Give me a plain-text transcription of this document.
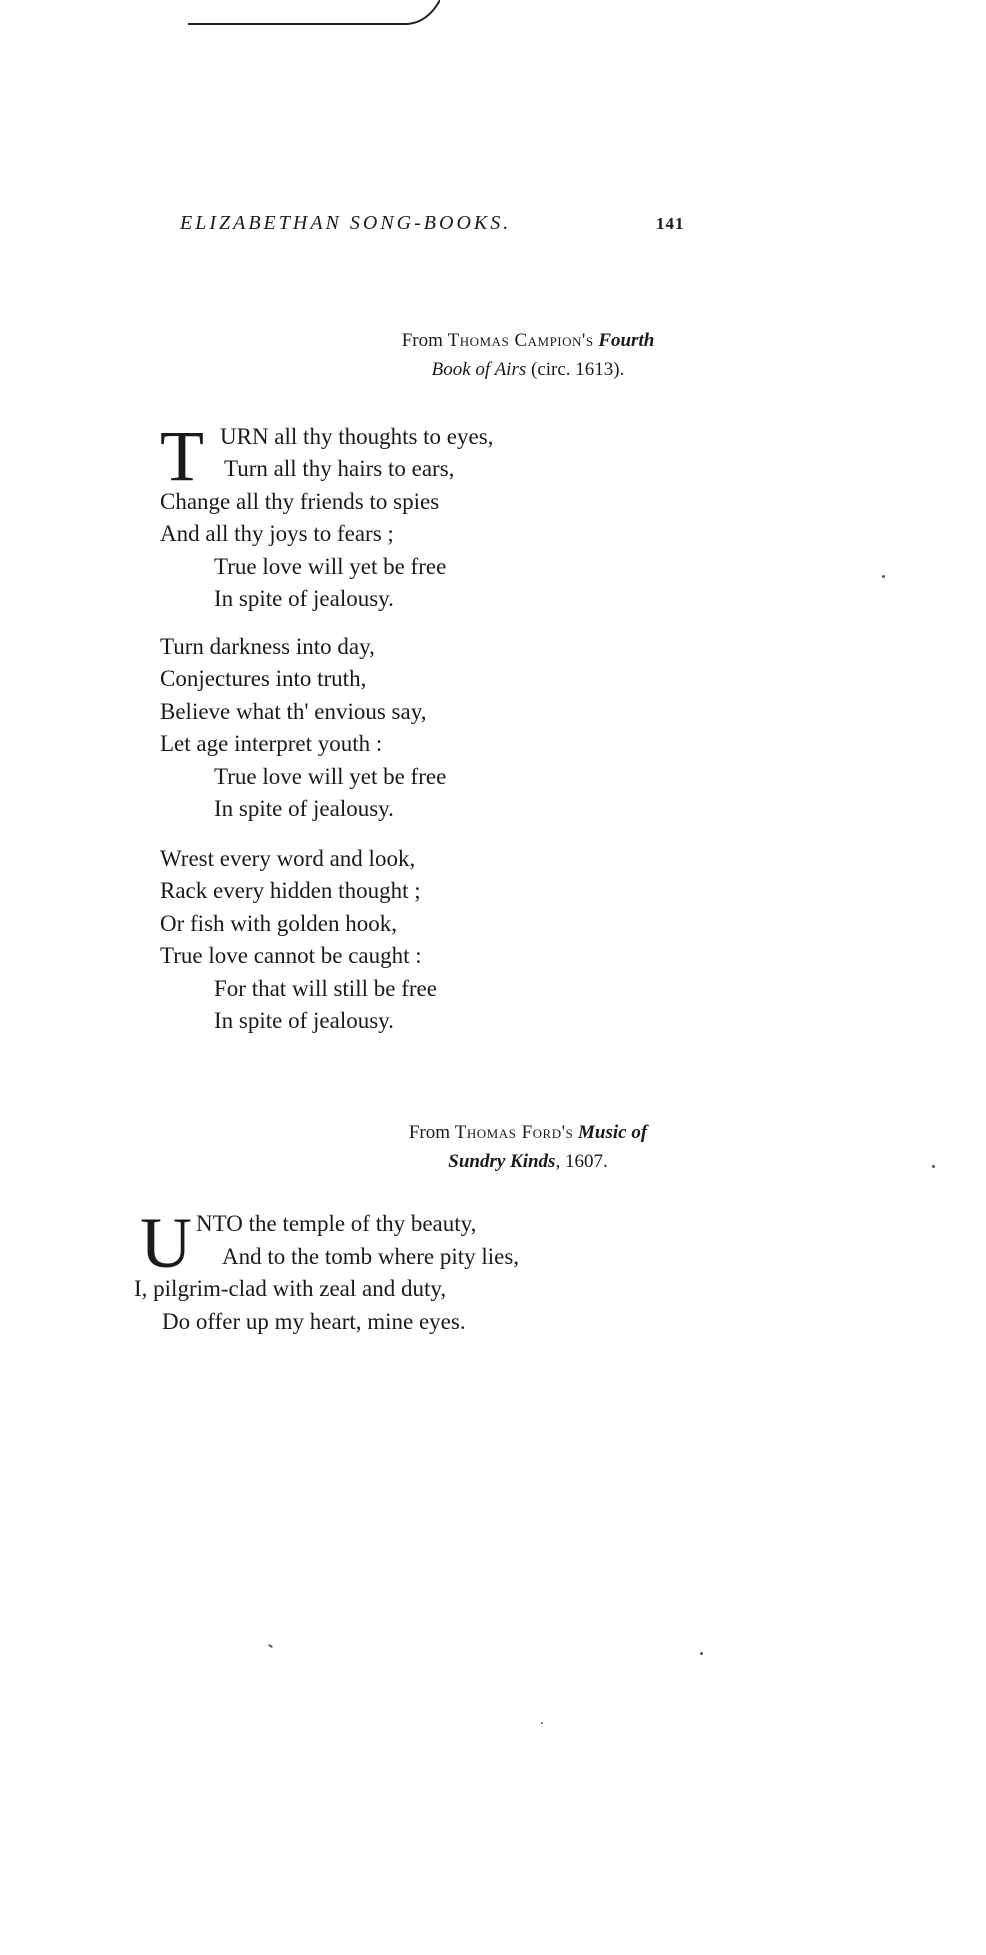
ELIZABETHAN SONG-BOOKS.	141
From Thomas Campion's Fourth
Book of Airs (circ. 1613).
T URN all thy thoughts to eyes,
Turn all thy hairs to ears,
Change all thy friends to spies
And all thy joys to fears ;
True love will yet be free
In spite of jealousy.
Turn darkness into day,
Conjectures into truth,
Believe what th' envious say,
Let age interpret youth :
True love will yet be free
In spite of jealousy.
Wrest every word and look,
Rack every hidden thought ;
Or fish with golden hook,
True love cannot be caught :
For that will still be free
In spite of jealousy.
From Thomas Ford's Music of
Sundry Kinds, 1607.
U NTO the temple of thy beauty,
And to the tomb where pity lies,
I, pilgrim-clad with zeal and duty,
Do offer up my heart, mine eyes.
